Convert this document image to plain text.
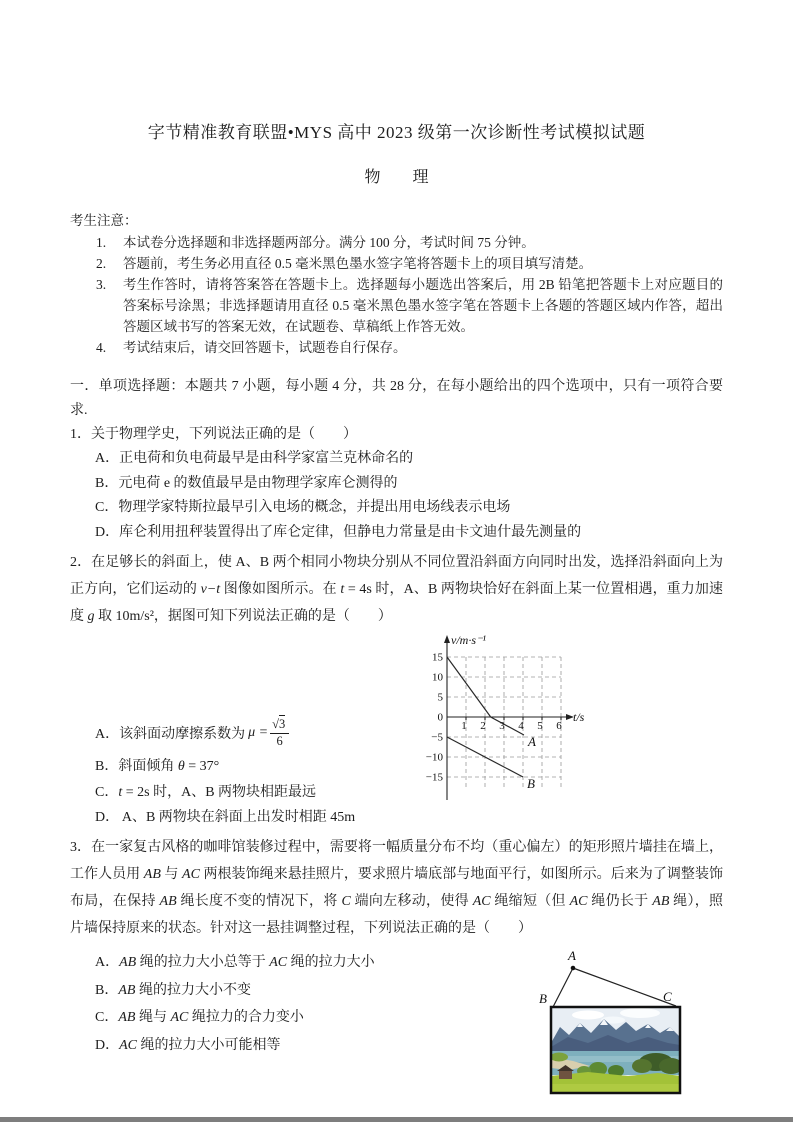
字节精准教育联盟•MYS 高中 2023 级第一次诊断性考试模拟试题
物　　理
考生注意：
1.	本试卷分选择题和非选择题两部分。满分 100 分，考试时间 75 分钟。
2.	答题前，考生务必用直径 0.5 毫米黑色墨水签字笔将答题卡上的项目填写清楚。
3.	考生作答时，请将答案答在答题卡上。选择题每小题选出答案后，用 2B 铅笔把答题卡上对应题目的答案标号涂黑；非选择题请用直径 0.5 毫米黑色墨水签字笔在答题卡上各题的答题区域内作答，超出答题区域书写的答案无效，在试题卷、草稿纸上作答无效。
4.	考试结束后，请交回答题卡，试题卷自行保存。

一．单项选择题：本题共 7 小题，每小题 4 分，共 28 分，在每小题给出的四个选项中，只有一项符合要求.

1．关于物理学史，下列说法正确的是（　　）

A．正电荷和负电荷最早是由科学家富兰克林命名的
B．元电荷 e 的数值最早是由物理学家库仑测得的
C．物理学家特斯拉最早引入电场的概念，并提出用电场线表示电场
D．库仑利用扭秤装置得出了库仑定律，但静电力常量是由卡文迪什最先测量的

2．在足够长的斜面上，使 A、B 两个相同小物块分别从不同位置沿斜面方向同时出发，选择沿斜面向上为正方向，它们运动的 v−t 图像如图所示。在 t = 4s 时，A、B 两物块恰好在斜面上某一位置相遇，重力加速度 g 取 10m/s²，据图可知下列说法正确的是（　　）

A． 该斜面动摩擦系数为 $\mu = \frac{√3}{6}$
B．斜面倾角 θ = 37°
C．t = 2s 时，A、B 两物块相距最远
D． A、B 两物块在斜面上出发时相距 45m
1 2 3 4 5 6
15
10
5
0
−5
−10
−15
v/m·s⁻¹
t/s
A
B

3．在一家复古风格的咖啡馆装修过程中，需要将一幅质量分布不均（重心偏左）的矩形照片墙挂在墙上，工作人员用 AB 与 AC 两根装饰绳来悬挂照片，要求照片墙底部与地面平行，如图所示。后来为了调整装饰布局，在保持 AB 绳长度不变的情况下，将 C 端向左移动，使得 AC 绳缩短（但 AC 绳仍长于 AB 绳），照片墙保持原来的状态。针对这一悬挂调整过程，下列说法正确的是（　　）

A．AB 绳的拉力大小总等于 AC 绳的拉力大小
B．AB 绳的拉力大小不变
C．AB 绳与 AC 绳拉力的合力变小
D．AC 绳的拉力大小可能相等
A
B	C
